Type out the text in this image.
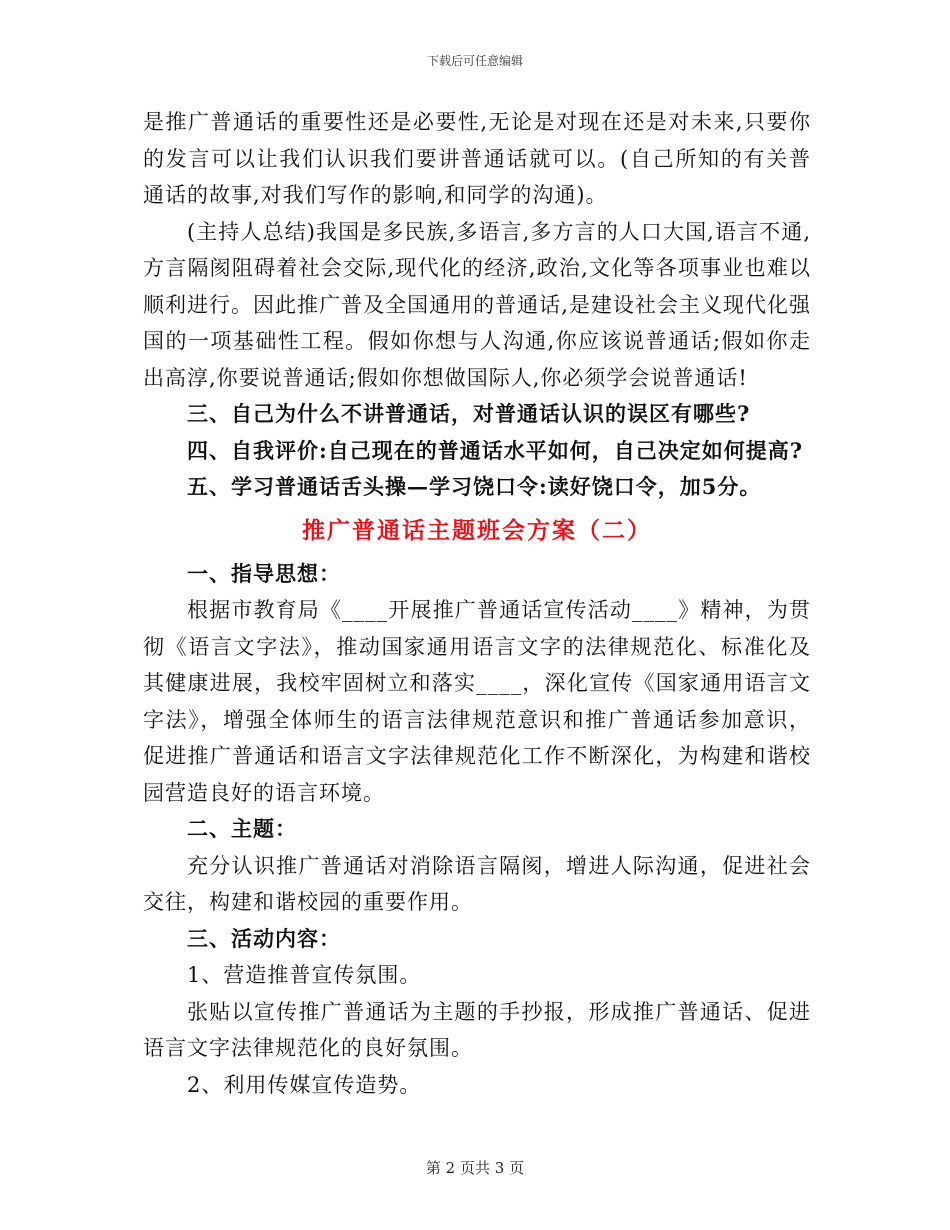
下载后可任意编辑

是推广普通话的重要性还是必要性,无论是对现在还是对未来,只要你的发言可以让我们认识我们要讲普通话就可以。(自己所知的有关普通话的故事,对我们写作的影响,和同学的沟通)。

(主持人总结)我国是多民族,多语言,多方言的人口大国,语言不通,方言隔阂阻碍着社会交际,现代化的经济,政治,文化等各项事业也难以顺利进行。因此推广普及全国通用的普通话,是建设社会主义现代化强国的一项基础性工程。假如你想与人沟通,你应该说普通话;假如你走出高淳,你要说普通话;假如你想做国际人,你必须学会说普通话!

三、自己为什么不讲普通话，对普通话认识的误区有哪些?

四、自我评价:自己现在的普通话水平如何，自己决定如何提高?

五、学习普通话舌头操—学习饶口令:读好饶口令，加5分。

推广普通话主题班会方案（二）

一、指导思想：

根据市教育局《____开展推广普通话宣传活动____》精神，为贯彻《语言文字法》，推动国家通用语言文字的法律规范化、标准化及其健康进展，我校牢固树立和落实____，深化宣传《国家通用语言文字法》，增强全体师生的语言法律规范意识和推广普通话参加意识，促进推广普通话和语言文字法律规范化工作不断深化，为构建和谐校园营造良好的语言环境。

二、主题：

充分认识推广普通话对消除语言隔阂，增进人际沟通，促进社会交往，构建和谐校园的重要作用。

三、活动内容：

1、营造推普宣传氛围。

张贴以宣传推广普通话为主题的手抄报，形成推广普通话、促进语言文字法律规范化的良好氛围。

2、利用传媒宣传造势。

第 2 页共 3 页
